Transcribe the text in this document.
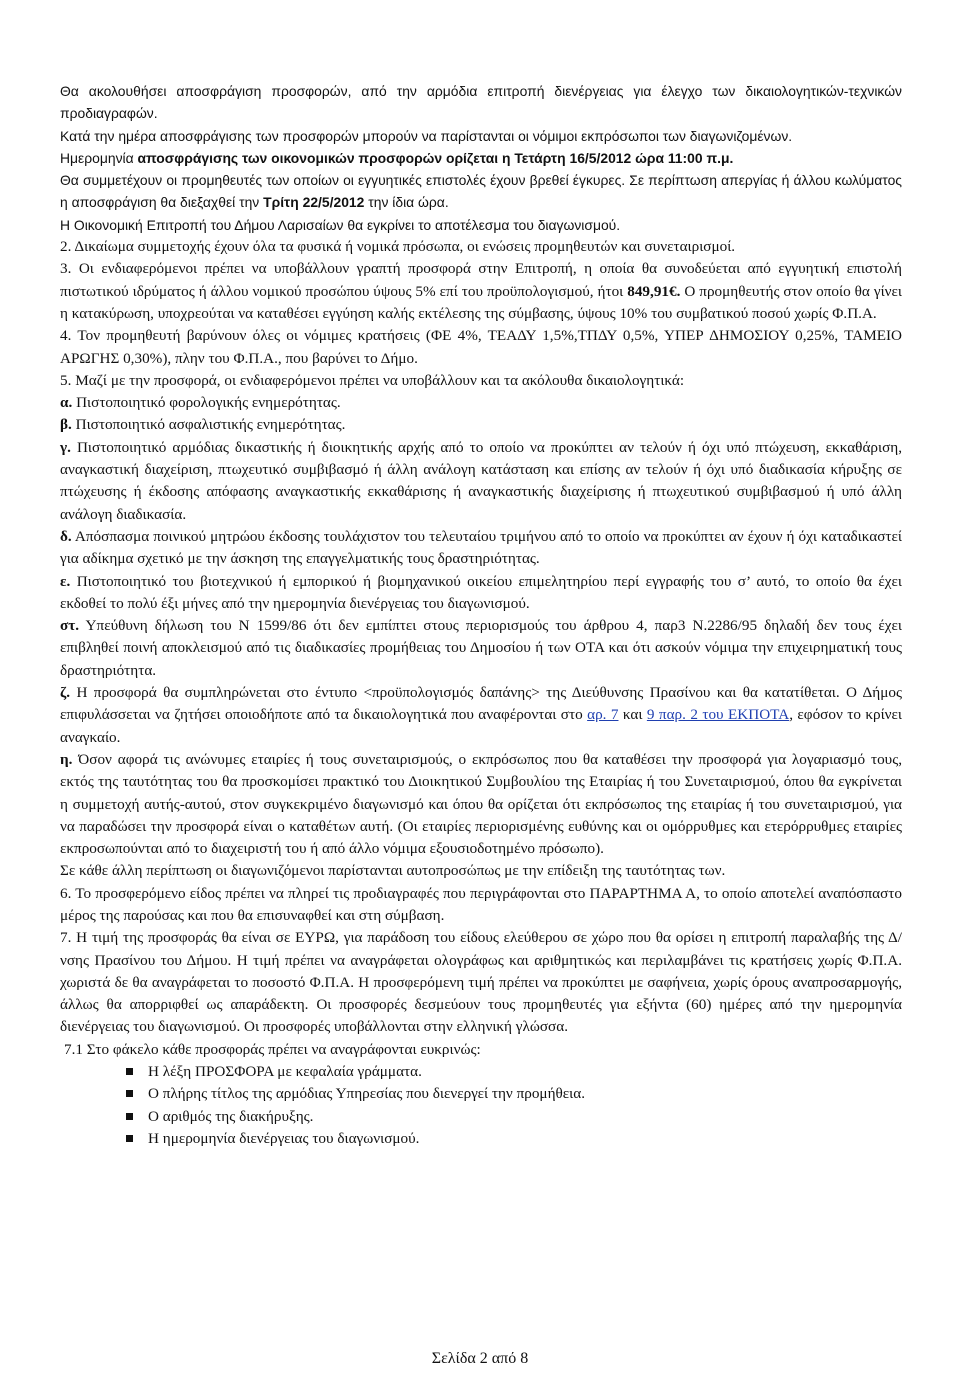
Θα ακολουθήσει αποσφράγιση προσφορών, από την αρμόδια επιτροπή διενέργειας για έλεγχο των δικαιολογητικών-τεχνικών προδιαγραφών.

Κατά την ημέρα αποσφράγισης των προσφορών μπορούν να παρίστανται οι νόμιμοι εκπρόσωποι των διαγωνιζομένων.

Ημερομηνία αποσφράγισης των οικονομικών προσφορών ορίζεται η Τετάρτη 16/5/2012 ώρα 11:00 π.μ.

Θα συμμετέχουν οι προμηθευτές των οποίων οι εγγυητικές επιστολές έχουν βρεθεί έγκυρες. Σε περίπτωση απεργίας ή άλλου κωλύματος η αποσφράγιση θα διεξαχθεί την Τρίτη 22/5/2012 την ίδια ώρα.

Η Οικονομική Επιτροπή του Δήμου Λαρισαίων θα εγκρίνει το αποτέλεσμα του διαγωνισμού.

2. Δικαίωμα συμμετοχής έχουν όλα τα φυσικά ή νομικά πρόσωπα, οι ενώσεις προμηθευτών και συνεταιρισμοί.

3. Οι ενδιαφερόμενοι πρέπει να υποβάλλουν γραπτή προσφορά στην Επιτροπή, η οποία θα συνοδεύεται από εγγυητική επιστολή πιστωτικού ιδρύματος ή άλλου νομικού προσώπου ύψους 5% επί του προϋπολογισμού, ήτοι 849,91€. Ο προμηθευτής στον οποίο θα γίνει η κατακύρωση, υποχρεούται να καταθέσει εγγύηση καλής εκτέλεσης της σύμβασης, ύψους 10% του συμβατικού ποσού χωρίς Φ.Π.Α.

4. Τον προμηθευτή βαρύνουν όλες οι νόμιμες κρατήσεις (ΦΕ 4%, ΤΕΑΔΥ 1,5%,ΤΠΔΥ 0,5%, ΥΠΕΡ ΔΗΜΟΣΙΟΥ 0,25%, ΤΑΜΕΙΟ ΑΡΩΓΗΣ 0,30%), πλην του Φ.Π.Α., που βαρύνει το Δήμο.

5. Μαζί με την προσφορά, οι ενδιαφερόμενοι πρέπει να υποβάλλουν και τα ακόλουθα δικαιολογητικά:

α. Πιστοποιητικό φορολογικής ενημερότητας.

β. Πιστοποιητικό ασφαλιστικής ενημερότητας.

γ. Πιστοποιητικό αρμόδιας δικαστικής ή διοικητικής αρχής από το οποίο να προκύπτει αν τελούν ή όχι υπό πτώχευση, εκκαθάριση, αναγκαστική διαχείριση, πτωχευτικό συμβιβασμό ή άλλη ανάλογη κατάσταση και επίσης αν τελούν ή όχι υπό διαδικασία κήρυξης σε πτώχευσης ή έκδοσης απόφασης αναγκαστικής εκκαθάρισης ή αναγκαστικής διαχείρισης ή πτωχευτικού συμβιβασμού ή υπό άλλη ανάλογη διαδικασία.

δ. Απόσπασμα ποινικού μητρώου έκδοσης τουλάχιστον του τελευταίου τριμήνου από το οποίο να προκύπτει αν έχουν ή όχι καταδικαστεί για αδίκημα σχετικό με την άσκηση της επαγγελματικής τους δραστηριότητας.

ε. Πιστοποιητικό του βιοτεχνικού ή εμπορικού ή βιομηχανικού οικείου επιμελητηρίου περί εγγραφής του σ’ αυτό, το οποίο θα έχει εκδοθεί το πολύ έξι μήνες από την ημερομηνία διενέργειας του διαγωνισμού.

στ. Υπεύθυνη δήλωση του Ν 1599/86 ότι δεν εμπίπτει στους περιορισμούς του άρθρου 4, παρ3 Ν.2286/95 δηλαδή δεν τους έχει επιβληθεί ποινή αποκλεισμού από τις διαδικασίες προμήθειας του Δημοσίου ή των ΟΤΑ και ότι ασκούν νόμιμα την επιχειρηματική τους δραστηριότητα.

ζ. Η προσφορά θα συμπληρώνεται στο έντυπο <προϋπολογισμός δαπάνης> της Διεύθυνσης Πρασίνου και θα κατατίθεται. Ο Δήμος επιφυλάσσεται να ζητήσει οποιοδήποτε από τα δικαιολογητικά που αναφέρονται στο αρ. 7 και 9 παρ. 2 του ΕΚΠΟΤΑ, εφόσον το κρίνει αναγκαίο.

η. Όσον αφορά τις ανώνυμες εταιρίες ή τους συνεταιρισμούς, ο εκπρόσωπος που θα καταθέσει την προσφορά για λογαριασμό τους, εκτός της ταυτότητας του θα προσκομίσει πρακτικό του Διοικητικού Συμβουλίου της Εταιρίας ή του Συνεταιρισμού, όπου θα εγκρίνεται η συμμετοχή αυτής-αυτού, στον συγκεκριμένο διαγωνισμό και όπου θα ορίζεται ότι εκπρόσωπος της εταιρίας ή του συνεταιρισμού, για να παραδώσει την προσφορά είναι ο καταθέτων αυτή. (Οι εταιρίες περιορισμένης ευθύνης και οι ομόρρυθμες και ετερόρρυθμες εταιρίες εκπροσωπούνται από το διαχειριστή του ή από άλλο νόμιμα εξουσιοδοτημένο πρόσωπο).

Σε κάθε άλλη περίπτωση οι διαγωνιζόμενοι παρίστανται αυτοπροσώπως με την επίδειξη της ταυτότητας των.

6. Το προσφερόμενο είδος πρέπει να πληρεί τις προδιαγραφές που περιγράφονται στο ΠΑΡΑΡΤΗΜΑ Α, το οποίο αποτελεί αναπόσπαστο μέρος της παρούσας και που θα επισυναφθεί και στη σύμβαση.

7. Η τιμή της προσφοράς θα είναι σε ΕΥΡΩ, για παράδοση του είδους ελεύθερου σε χώρο που θα ορίσει η επιτροπή παραλαβής της Δ/νσης Πρασίνου του Δήμου. Η τιμή πρέπει να αναγράφεται ολογράφως και αριθμητικώς και περιλαμβάνει τις κρατήσεις χωρίς Φ.Π.Α. χωριστά δε θα αναγράφεται το ποσοστό Φ.Π.Α. Η προσφερόμενη τιμή πρέπει να προκύπτει με σαφήνεια, χωρίς όρους αναπροσαρμογής, άλλως θα απορριφθεί ως απαράδεκτη. Οι προσφορές δεσμεύουν τους προμηθευτές για εξήντα (60) ημέρες από την ημερομηνία διενέργειας του διαγωνισμού. Οι προσφορές υποβάλλονται στην ελληνική γλώσσα.

7.1 Στο φάκελο κάθε προσφοράς πρέπει να αναγράφονται ευκρινώς:

Η λέξη ΠΡΟΣΦΟΡΑ με κεφαλαία γράμματα.
Ο πλήρης τίτλος της αρμόδιας Υπηρεσίας που διενεργεί την προμήθεια.
Ο αριθμός της διακήρυξης.
Η ημερομηνία διενέργειας του διαγωνισμού.
Σελίδα 2 από 8
